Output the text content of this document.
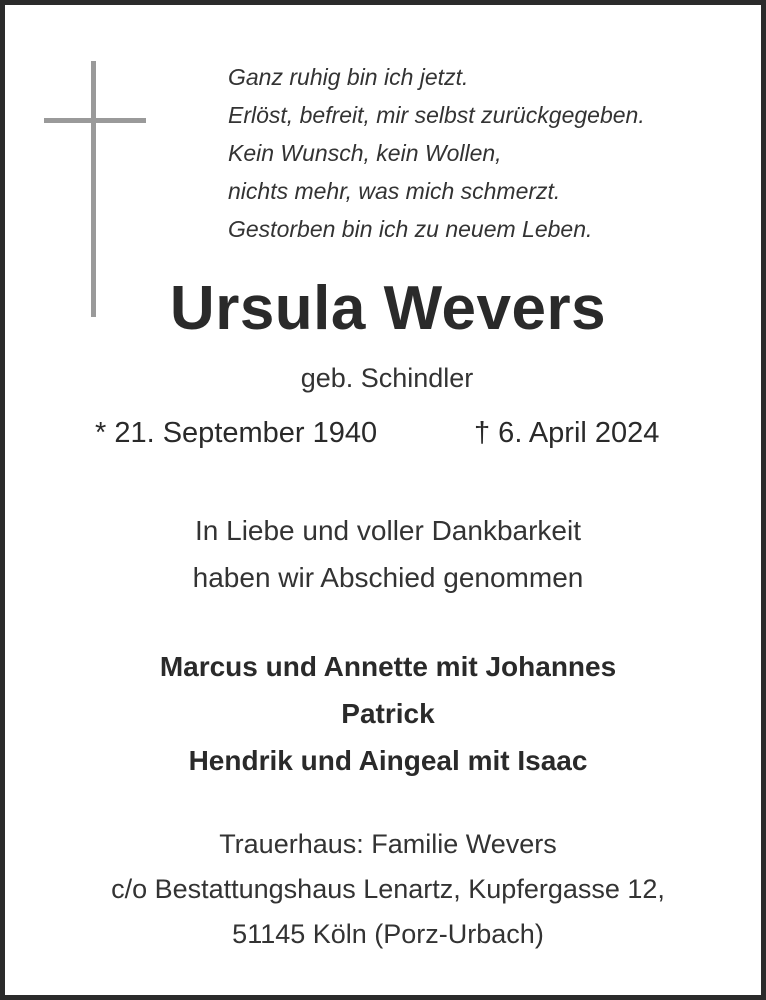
Ganz ruhig bin ich jetzt.
Erlöst, befreit, mir selbst zurückgegeben.
Kein Wunsch, kein Wollen,
nichts mehr, was mich schmerzt.
Gestorben bin ich zu neuem Leben.
Ursula Wevers
geb. Schindler
* 21. September 1940	† 6. April 2024
In Liebe und voller Dankbarkeit
haben wir Abschied genommen
Marcus und Annette mit Johannes
Patrick
Hendrik und Aingeal mit Isaac
Trauerhaus: Familie Wevers
c/o Bestattungshaus Lenartz, Kupfergasse 12,
51145 Köln (Porz-Urbach)
